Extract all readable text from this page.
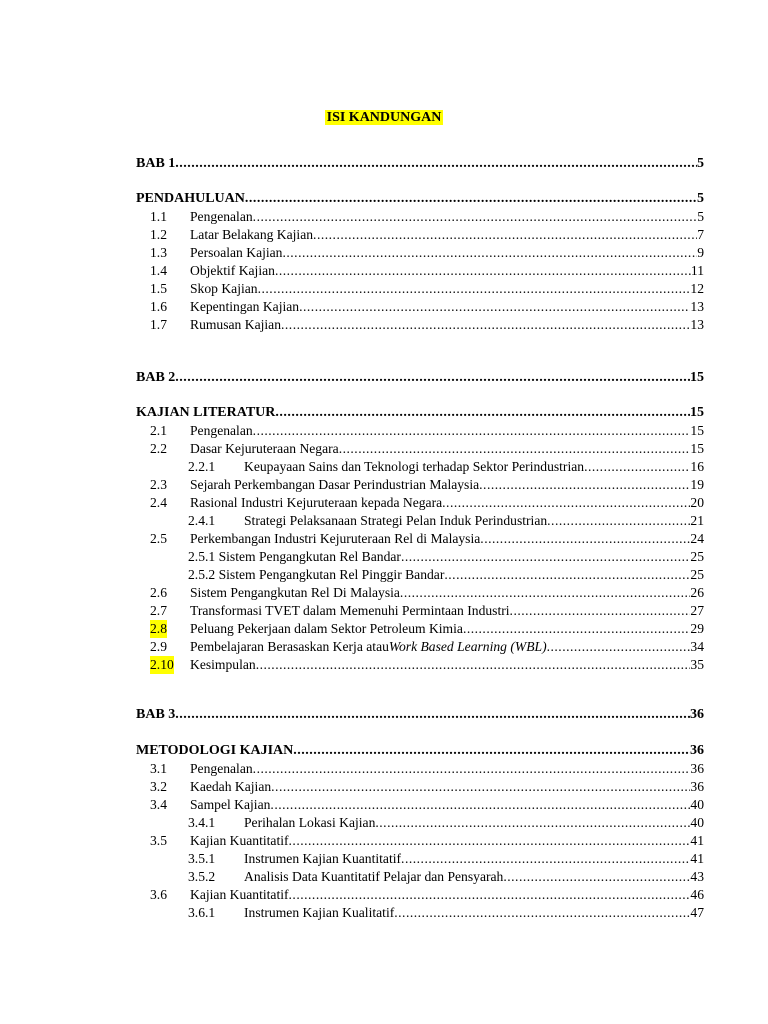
ISI KANDUNGAN
BAB 1 .....	5
PENDAHULUAN .....	5
1.1 Pengenalan .....	5
1.2 Latar Belakang Kajian .....	7
1.3 Persoalan Kajian .....	9
1.4 Objektif Kajian .....	11
1.5 Skop Kajian .....	12
1.6 Kepentingan Kajian .....	13
1.7 Rumusan Kajian .....	13
BAB 2 .....	15
KAJIAN LITERATUR .....	15
2.1 Pengenalan .....	15
2.2 Dasar Kejuruteraan Negara .....	15
2.2.1 Keupayaan Sains dan Teknologi terhadap Sektor Perindustrian .....	16
2.3 Sejarah Perkembangan Dasar Perindustrian Malaysia .....	19
2.4 Rasional Industri Kejuruteraan kepada Negara .....	20
2.4.1 Strategi Pelaksanaan Strategi Pelan Induk Perindustrian .....	21
2.5 Perkembangan Industri Kejuruteraan Rel di Malaysia .....	24
2.5.1 Sistem Pengangkutan Rel Bandar .....	25
2.5.2 Sistem Pengangkutan Rel Pinggir Bandar .....	25
2.6 Sistem Pengangkutan Rel Di Malaysia .....	26
2.7 Transformasi TVET dalam Memenuhi Permintaan Industri .....	27
2.8 Peluang Pekerjaan dalam Sektor Petroleum Kimia .....	29
2.9 Pembelajaran Berasaskan Kerja atau Work Based Learning (WBL) .....	34
2.10 Kesimpulan .....	35
BAB 3 .....	36
METODOLOGI KAJIAN .....	36
3.1 Pengenalan .....	36
3.2 Kaedah Kajian .....	36
3.4 Sampel Kajian .....	40
3.4.1 Perihalan Lokasi Kajian .....	40
3.5 Kajian Kuantitatif .....	41
3.5.1 Instrumen Kajian Kuantitatif .....	41
3.5.2 Analisis Data Kuantitatif Pelajar dan Pensyarah .....	43
3.6 Kajian Kuantitatif .....	46
3.6.1 Instrumen Kajian Kualitatif .....	47
